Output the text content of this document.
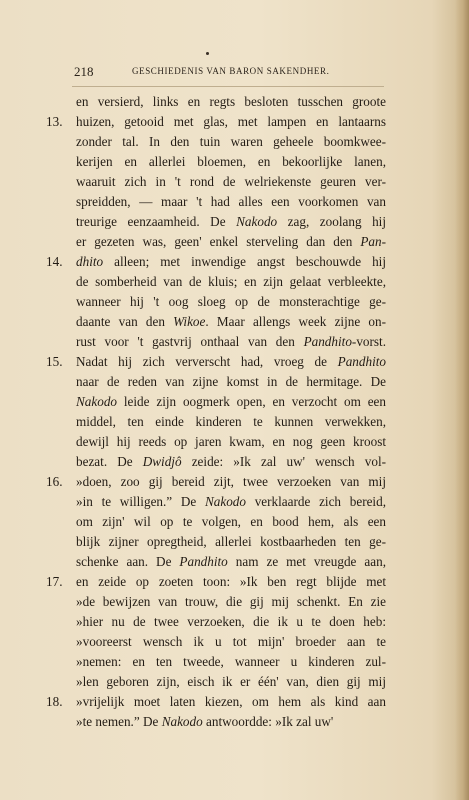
218	GESCHIEDENIS VAN BARON SAKENDHER.
13.
14.
15.
16.
17.
18.
en versierd, links en regts besloten tusschen groote
huizen, getooid met glas, met lampen en lantaarns
zonder tal. In den tuin waren geheele boomkwee-
kerijen en allerlei bloemen, en bekoorlijke lanen,
waaruit zich in 't rond de welriekenste geuren ver-
spreidden, — maar 't had alles een voorkomen van
treurige eenzaamheid. De Nakodo zag, zoolang hij
er gezeten was, geen' enkel sterveling dan den Pan-
dhito alleen; met inwendige angst beschouwde hij
de somberheid van de kluis; en zijn gelaat verbleekte,
wanneer hij 't oog sloeg op de monsterachtige ge-
daante van den Wikoe. Maar allengs week zijne on-
rust voor 't gastvrij onthaal van den Pandhito-vorst.
Nadat hij zich ververscht had, vroeg de Pandhito
naar de reden van zijne komst in de hermitage. De
Nakodo leide zijn oogmerk open, en verzocht om een
middel, ten einde kinderen te kunnen verwekken,
dewijl hij reeds op jaren kwam, en nog geen kroost
bezat. De Dwidjô zeide: »Ik zal uw' wensch vol-
»doen, zoo gij bereid zijt, twee verzoeken van mij
»in te willigen.” De Nakodo verklaarde zich bereid,
om zijn' wil op te volgen, en bood hem, als een
blijk zijner opregtheid, allerlei kostbaarheden ten ge-
schenke aan. De Pandhito nam ze met vreugde aan,
en zeide op zoeten toon: »Ik ben regt blijde met
»de bewijzen van trouw, die gij mij schenkt. En zie
»hier nu de twee verzoeken, die ik u te doen heb:
»vooreerst wensch ik u tot mijn' broeder aan te
»nemen: en ten tweede, wanneer u kinderen zul-
»len geboren zijn, eisch ik er één' van, dien gij mij
»vrijelijk moet laten kiezen, om hem als kind aan
»te nemen.” De Nakodo antwoordde: »Ik zal uw'
